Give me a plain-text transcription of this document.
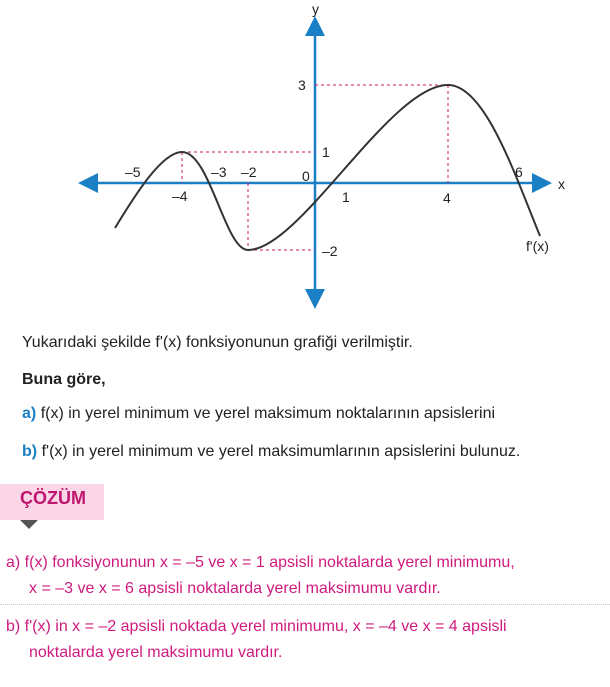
y
x
0
–5
–4
–3 –2
1	4
6
3
1
–2	f'(x)
Yukarıdaki şekilde f'(x) fonksiyonunun grafiği verilmiştir.
Buna göre,
a) f(x) in yerel minimum ve yerel maksimum noktalarının apsislerini
b) f'(x) in yerel minimum ve yerel maksimumlarının apsislerini bulunuz.
ÇÖZÜM
a) f(x) fonksiyonunun x = –5 ve x = 1 apsisli noktalarda yerel minimumu,
x = –3 ve x = 6 apsisli noktalarda yerel maksimumu vardır.
b) f'(x) in x = –2 apsisli noktada yerel minimumu, x = –4 ve x = 4 apsisli
noktalarda yerel maksimumu vardır.
